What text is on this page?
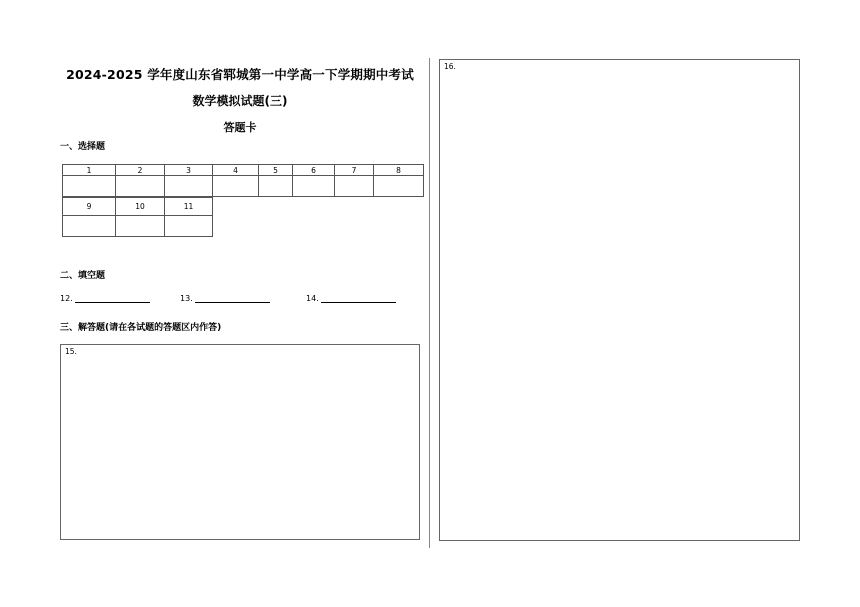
2024-2025 学年度山东省郓城第一中学高一下学期期中考试
数学模拟试题(三)
答题卡
一、选择题
1	2	3	4	5	6	7	8

9	10	11

二、填空题
12.	13.	14.
三、解答题(请在各试题的答题区内作答)
15.
16.
